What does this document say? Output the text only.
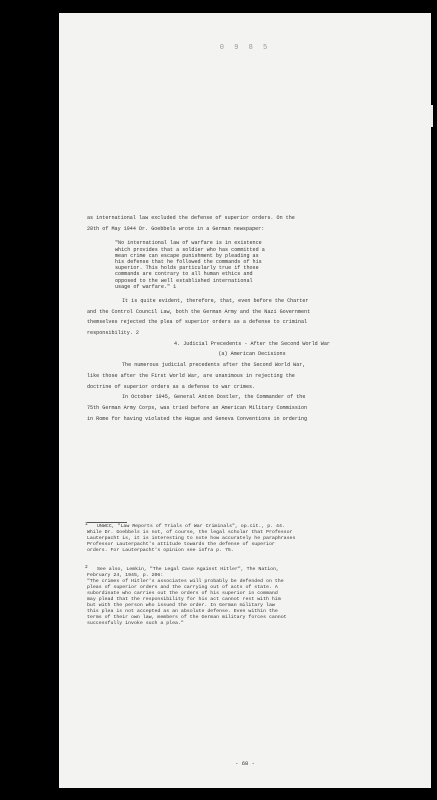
0 9 8 5

as international law excluded the defense of superior orders. On the

28th of May 1944 Dr. Goebbels wrote in a German newspaper:

"No international law of warfare is in existence
which provides that a soldier who has committed a
mean crime can escape punishment by pleading as
his defense that he followed the commands of his
superior. This holds particularly true if those
commands are contrary to all human ethics and
opposed to the well established international
usage of warfare." 1

It is quite evident, therefore, that, even before the Charter

and the Control Council Law, both the German Army and the Nazi Government

themselves rejected the plea of superior orders as a defense to criminal

responsibility. 2

4. Judicial Precedents - After the Second World War

(a) American Decisions

The numerous judicial precedents after the Second World War,

like those after the First World War, are unanimous in rejecting the

doctrine of superior orders as a defense to war crimes.

In October 1945, General Anton Dostler, the Commander of the

75th German Army Corps, was tried before an American Military Commission

in Rome for having violated the Hague and Geneva Conventions in ordering

1	UNWCC, "Law Reports of Trials of War Criminals", op.cit., p. 44.
While Dr. Goebbels is not, of course, the legal scholar that Professor
Lauterpacht is, it is interesting to note how accurately he paraphrases
Professor Lauterpacht's attitude towards the defense of superior
orders. For Lauterpacht's opinion see infra p. 75.
2	See also, Lemkin, "The Legal Case Against Hitler", The Nation,
February 24, 1945, p. 206:
"The crimes of Hitler's associates will probably be defended on the
pleas of superior orders and the carrying out of acts of state. A
subordinate who carries out the orders of his superior in command
may plead that the responsibility for his act cannot rest with him
but with the person who issued the order. In German military law
this plea is not accepted as an absolute defense. Even within the
terms of their own law, members of the German military forces cannot
successfully invoke such a plea."
- 68 -
